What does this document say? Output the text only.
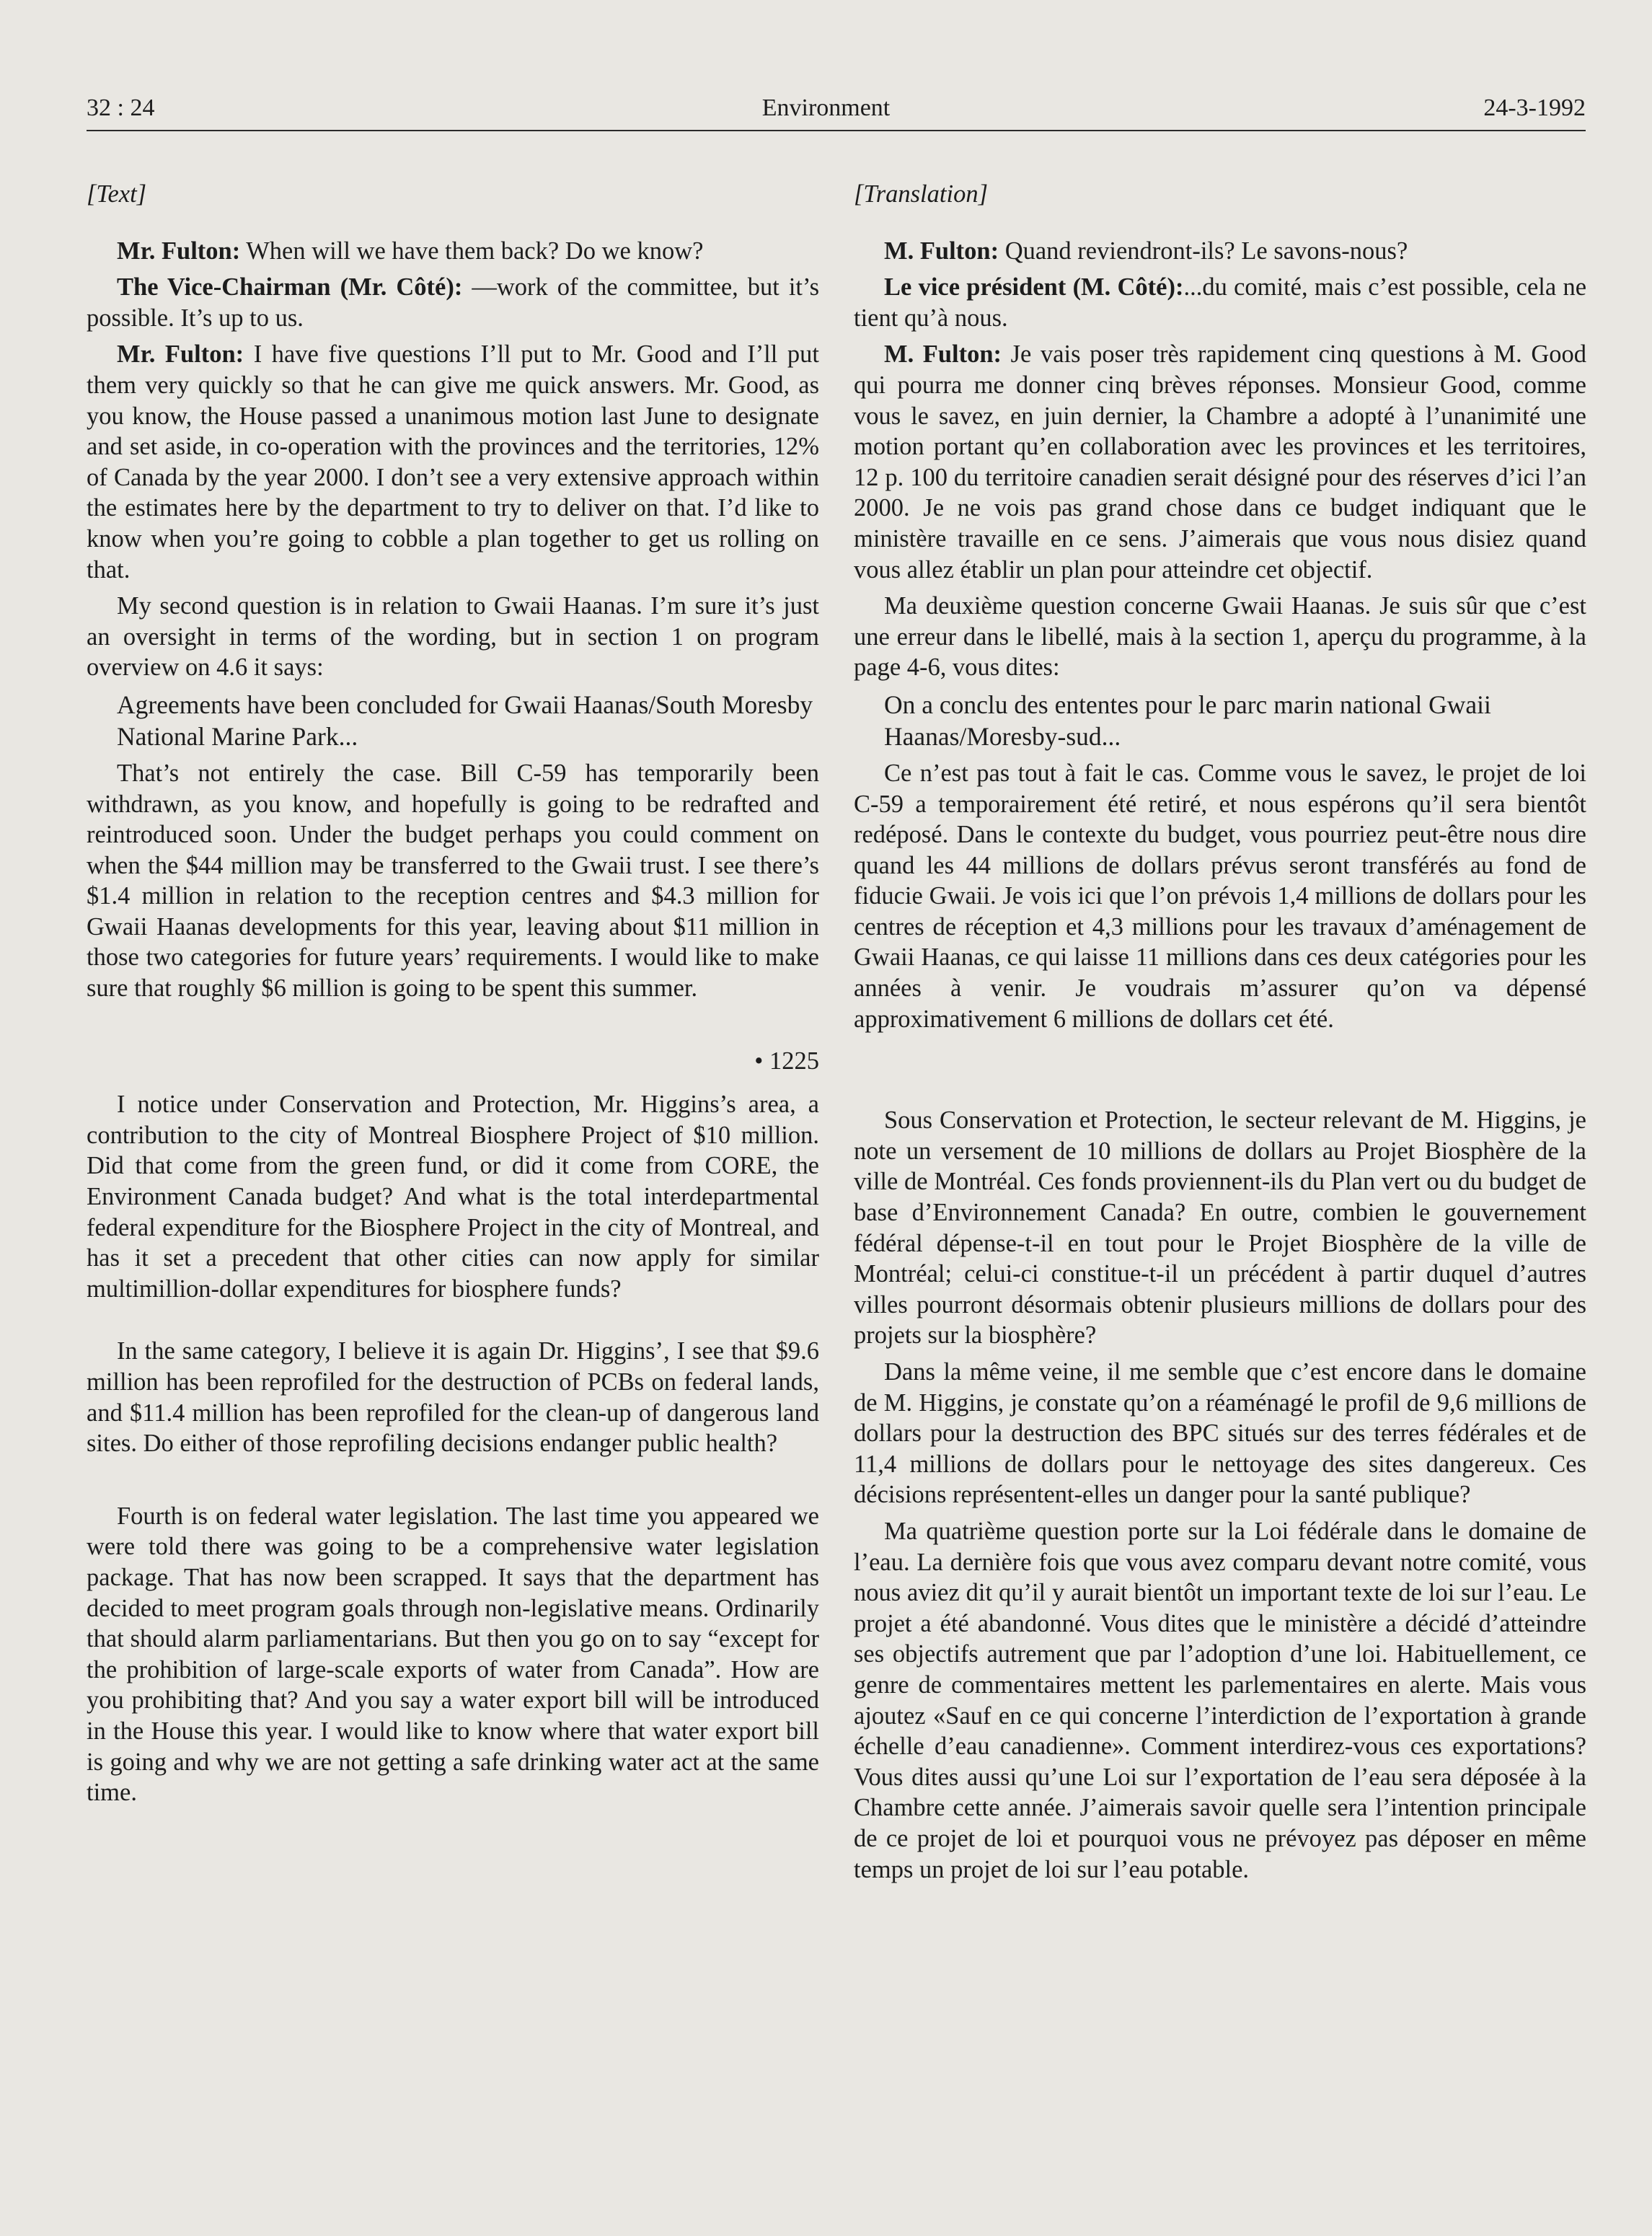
32 : 24	Environment	24-3-1992
[Text]

Mr. Fulton: When will we have them back? Do we know?

The Vice-Chairman (Mr. Côté): —work of the committee, but it’s possible. It’s up to us.

Mr. Fulton: I have five questions I’ll put to Mr. Good and I’ll put them very quickly so that he can give me quick answers. Mr. Good, as you know, the House passed a unanimous motion last June to designate and set aside, in co-operation with the provinces and the territories, 12% of Canada by the year 2000. I don’t see a very extensive approach within the estimates here by the department to try to deliver on that. I’d like to know when you’re going to cobble a plan together to get us rolling on that.

My second question is in relation to Gwaii Haanas. I’m sure it’s just an oversight in terms of the wording, but in section 1 on program overview on 4.6 it says:

Agreements have been concluded for Gwaii Haanas/South Moresby National Marine Park...

That’s not entirely the case. Bill C-59 has temporarily been withdrawn, as you know, and hopefully is going to be redrafted and reintroduced soon. Under the budget perhaps you could comment on when the $44 million may be transferred to the Gwaii trust. I see there’s $1.4 million in relation to the reception centres and $4.3 million for Gwaii Haanas developments for this year, leaving about $11 million in those two categories for future years’ requirements. I would like to make sure that roughly $6 million is going to be spent this summer.

• 1225

I notice under Conservation and Protection, Mr. Higgins’s area, a contribution to the city of Montreal Biosphere Project of $10 million. Did that come from the green fund, or did it come from CORE, the Environment Canada budget? And what is the total interdepartmental federal expenditure for the Biosphere Project in the city of Montreal, and has it set a precedent that other cities can now apply for similar multimillion-dollar expenditures for biosphere funds?

In the same category, I believe it is again Dr. Higgins’, I see that $9.6 million has been reprofiled for the destruction of PCBs on federal lands, and $11.4 million has been reprofiled for the clean-up of dangerous land sites. Do either of those reprofiling decisions endanger public health?

Fourth is on federal water legislation. The last time you appeared we were told there was going to be a comprehensive water legislation package. That has now been scrapped. It says that the department has decided to meet program goals through non-legislative means. Ordinarily that should alarm parliamentarians. But then you go on to say “except for the prohibition of large-scale exports of water from Canada”. How are you prohibiting that? And you say a water export bill will be introduced in the House this year. I would like to know where that water export bill is going and why we are not getting a safe drinking water act at the same time.

[Translation]

M. Fulton: Quand reviendront-ils? Le savons-nous?

Le vice président (M. Côté):...du comité, mais c’est possible, cela ne tient qu’à nous.

M. Fulton: Je vais poser très rapidement cinq questions à M. Good qui pourra me donner cinq brèves réponses. Monsieur Good, comme vous le savez, en juin dernier, la Chambre a adopté à l’unanimité une motion portant qu’en collaboration avec les provinces et les territoires, 12 p. 100 du territoire canadien serait désigné pour des réserves d’ici l’an 2000. Je ne vois pas grand chose dans ce budget indiquant que le ministère travaille en ce sens. J’aimerais que vous nous disiez quand vous allez établir un plan pour atteindre cet objectif.

Ma deuxième question concerne Gwaii Haanas. Je suis sûr que c’est une erreur dans le libellé, mais à la section 1, aperçu du programme, à la page 4-6, vous dites:

On a conclu des ententes pour le parc marin national Gwaii Haanas/Moresby-sud...

Ce n’est pas tout à fait le cas. Comme vous le savez, le projet de loi C-59 a temporairement été retiré, et nous espérons qu’il sera bientôt redéposé. Dans le contexte du budget, vous pourriez peut-être nous dire quand les 44 millions de dollars prévus seront transférés au fond de fiducie Gwaii. Je vois ici que l’on prévois 1,4 millions de dollars pour les centres de réception et 4,3 millions pour les travaux d’aménagement de Gwaii Haanas, ce qui laisse 11 millions dans ces deux catégories pour les années à venir. Je voudrais m’assurer qu’on va dépensé approximativement 6 millions de dollars cet été.

Sous Conservation et Protection, le secteur relevant de M. Higgins, je note un versement de 10 millions de dollars au Projet Biosphère de la ville de Montréal. Ces fonds proviennent-ils du Plan vert ou du budget de base d’Environnement Canada? En outre, combien le gouvernement fédéral dépense-t-il en tout pour le Projet Biosphère de la ville de Montréal; celui-ci constitue-t-il un précédent à partir duquel d’autres villes pourront désormais obtenir plusieurs millions de dollars pour des projets sur la biosphère?

Dans la même veine, il me semble que c’est encore dans le domaine de M. Higgins, je constate qu’on a réaménagé le profil de 9,6 millions de dollars pour la destruction des BPC situés sur des terres fédérales et de 11,4 millions de dollars pour le nettoyage des sites dangereux. Ces décisions représentent-elles un danger pour la santé publique?

Ma quatrième question porte sur la Loi fédérale dans le domaine de l’eau. La dernière fois que vous avez comparu devant notre comité, vous nous aviez dit qu’il y aurait bientôt un important texte de loi sur l’eau. Le projet a été abandonné. Vous dites que le ministère a décidé d’atteindre ses objectifs autrement que par l’adoption d’une loi. Habituellement, ce genre de commentaires mettent les parlementaires en alerte. Mais vous ajoutez «Sauf en ce qui concerne l’interdiction de l’exportation à grande échelle d’eau canadienne». Comment interdirez-vous ces exportations? Vous dites aussi qu’une Loi sur l’exportation de l’eau sera déposée à la Chambre cette année. J’aimerais savoir quelle sera l’intention principale de ce projet de loi et pourquoi vous ne prévoyez pas déposer en même temps un projet de loi sur l’eau potable.
